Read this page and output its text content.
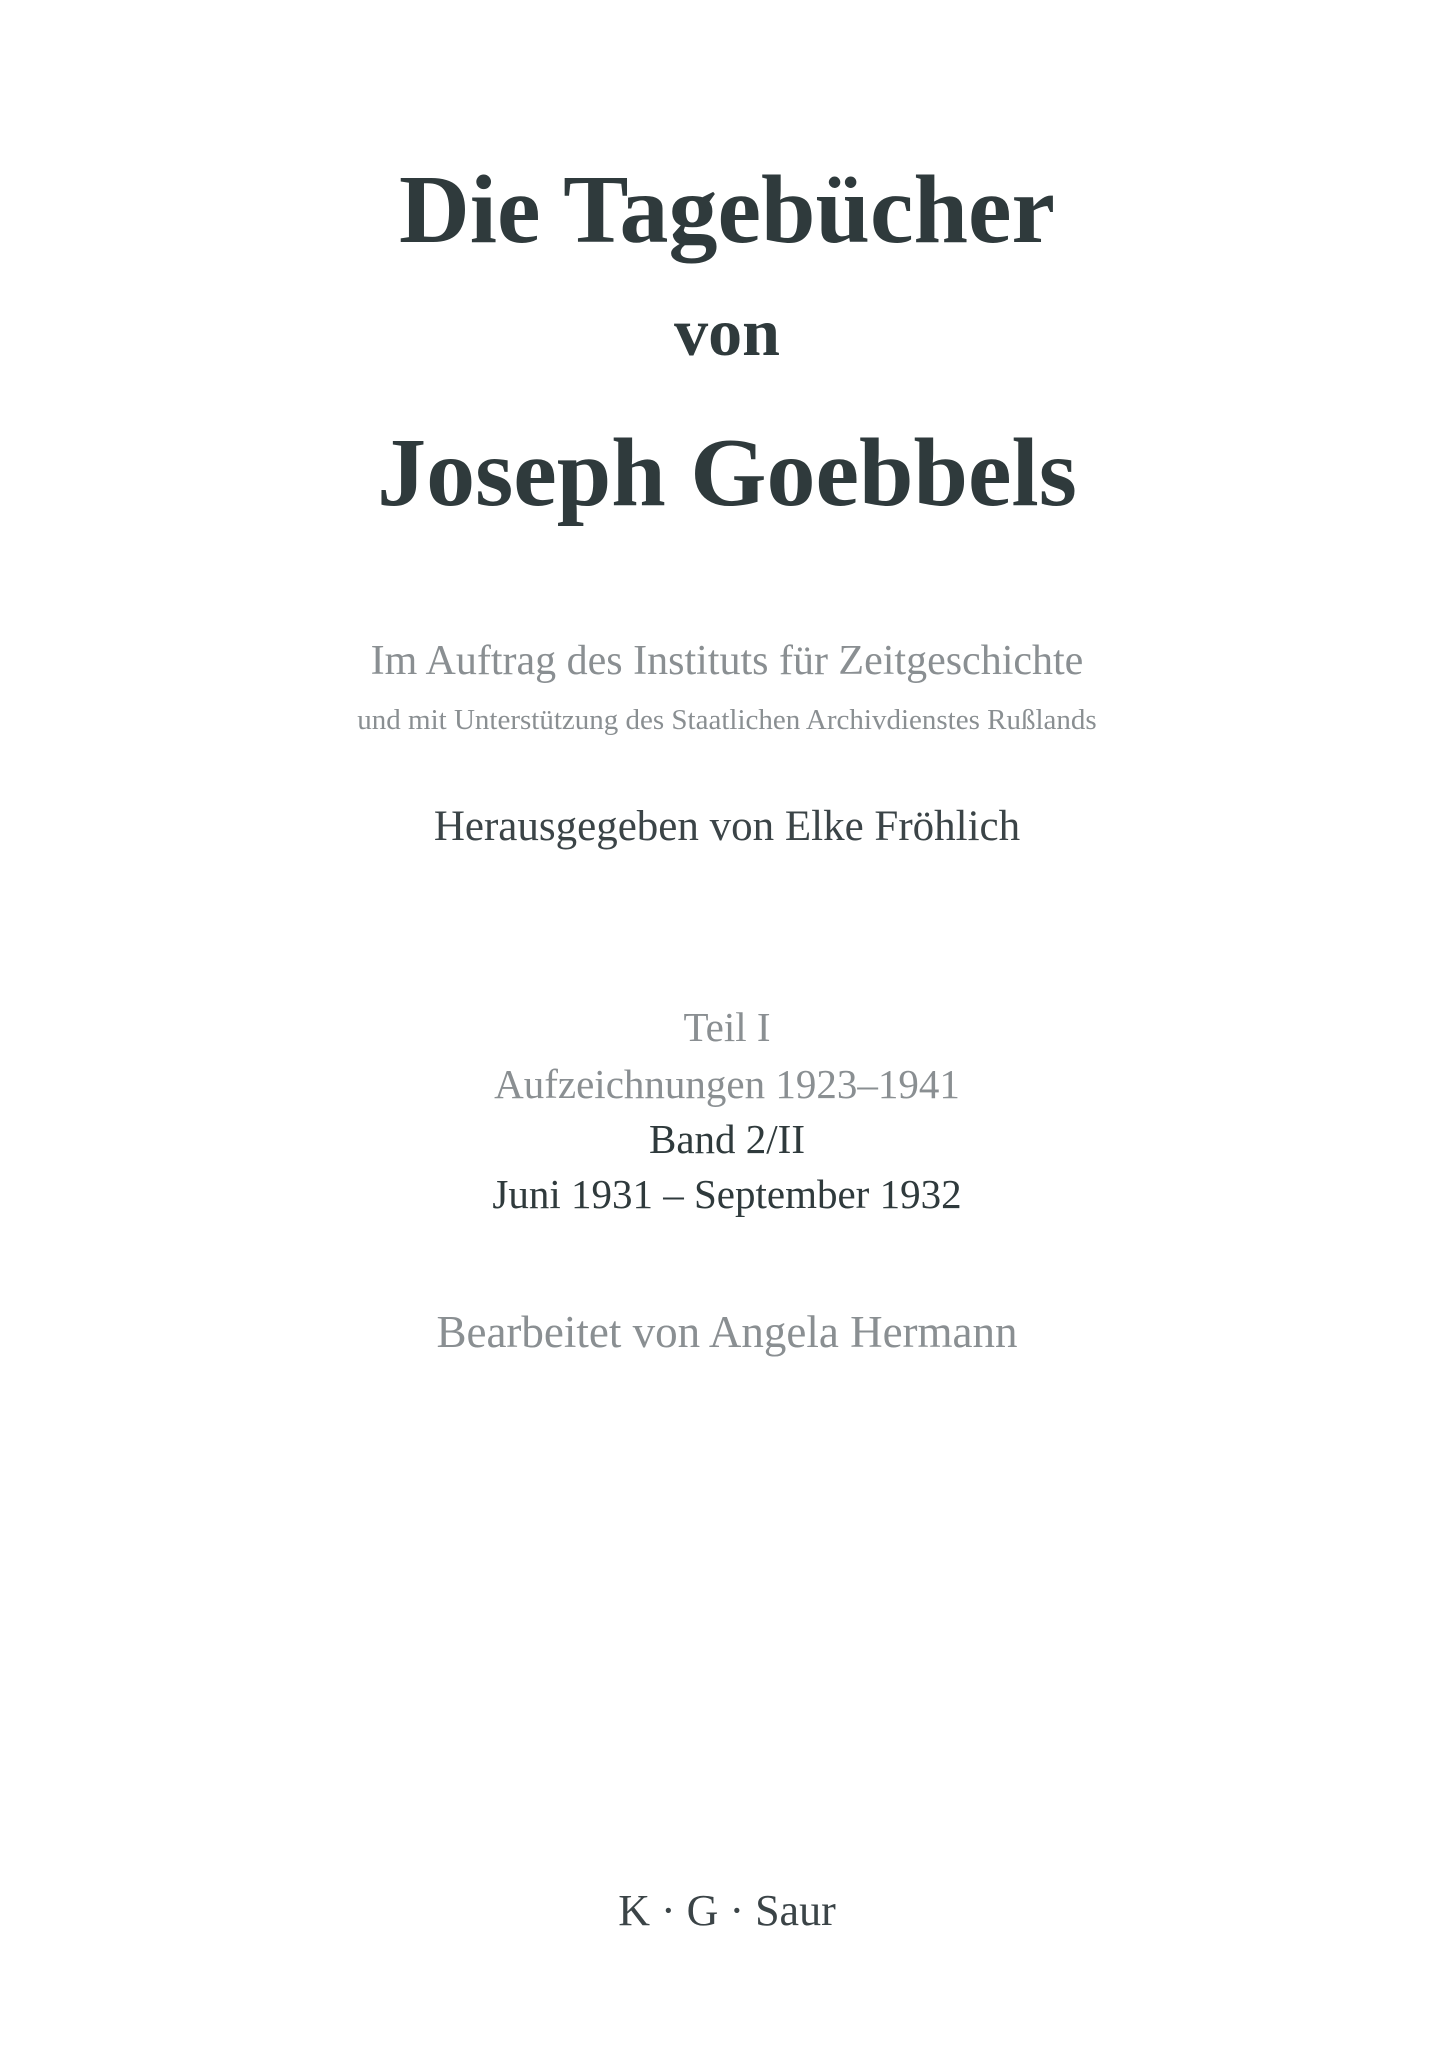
Die Tagebücher
von
Joseph Goebbels
Im Auftrag des Instituts für Zeitgeschichte
und mit Unterstützung des Staatlichen Archivdienstes Rußlands
Herausgegeben von Elke Fröhlich
Teil I
Aufzeichnungen 1923–1941
Band 2/II
Juni 1931 – September 1932
Bearbeitet von Angela Hermann
K · G · Saur
